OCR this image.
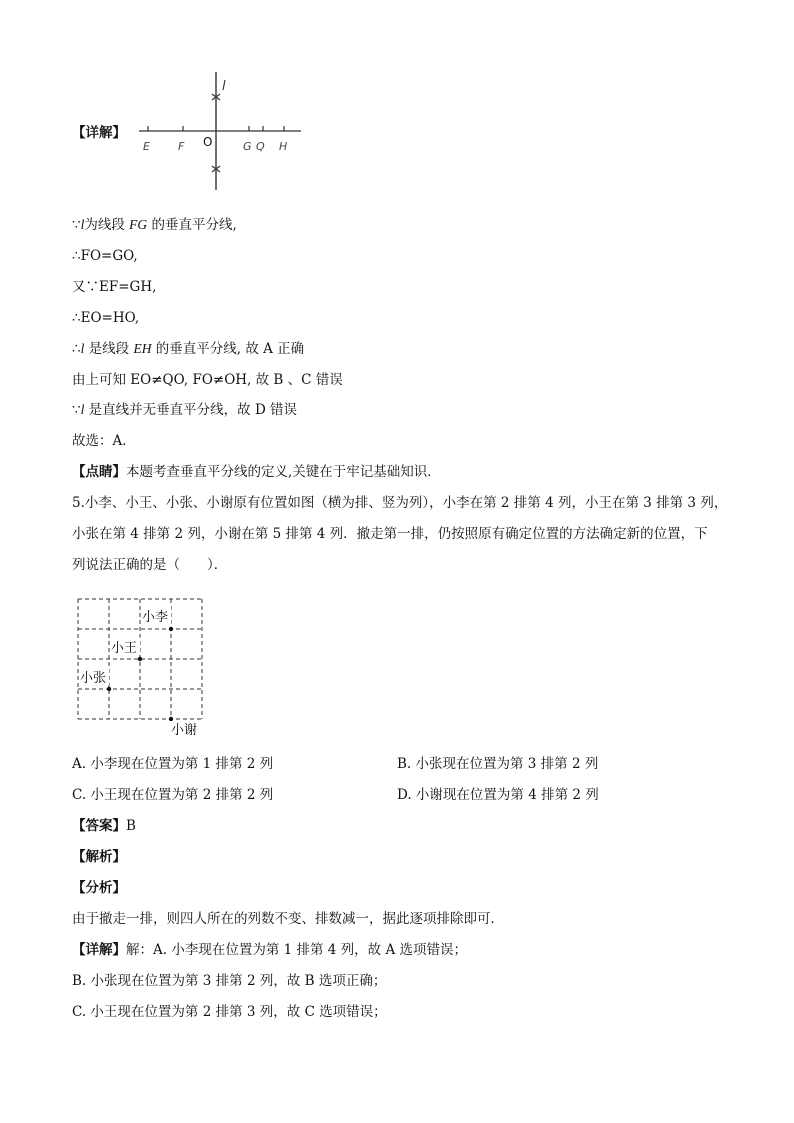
【详解】
l
O
E	F	G Q H
∵l为线段 FG 的垂直平分线,
∴FO=GO,
又∵EF=GH,
∴EO=HO,
∴l 是线段 EH 的垂直平分线, 故 A 正确
由上可知 EO≠QO, FO≠OH, 故 B 、C 错误
∵l 是直线并无垂直平分线，故 D 错误
故选：A．
【点睛】本题考查垂直平分线的定义,关键在于牢记基础知识．
5.小李、小王、小张、小谢原有位置如图（横为排、竖为列），小李在第 2 排第 4 列，小王在第 3 排第 3 列，
小张在第 4 排第 2 列，小谢在第 5 排第 4 列．撤走第一排，仍按照原有确定位置的方法确定新的位置，下
列说法正确的是（　　）．
小李
小王
小张
小谢
A. 小李现在位置为第 1 排第 2 列	B. 小张现在位置为第 3 排第 2 列
C. 小王现在位置为第 2 排第 2 列	D. 小谢现在位置为第 4 排第 2 列
【答案】B
【解析】
【分析】
由于撤走一排，则四人所在的列数不变、排数减一，据此逐项排除即可．
【详解】解：A. 小李现在位置为第 1 排第 4 列，故 A 选项错误；
B. 小张现在位置为第 3 排第 2 列，故 B 选项正确；
C. 小王现在位置为第 2 排第 3 列，故 C 选项错误；
